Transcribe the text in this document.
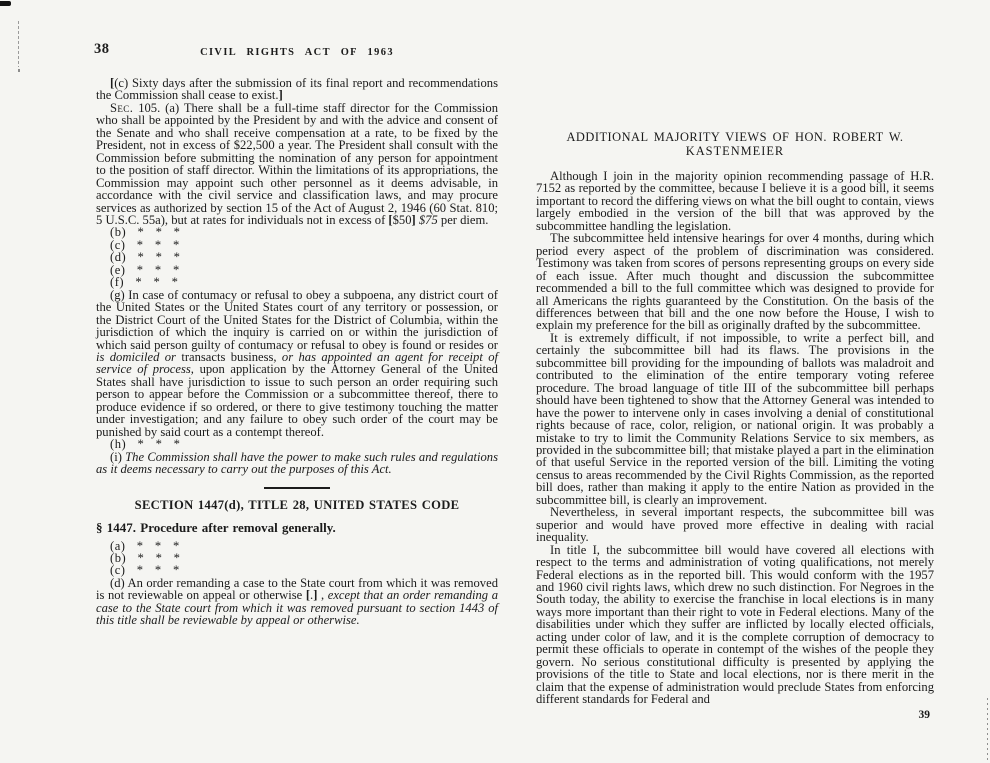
38	CIVIL RIGHTS ACT OF 1963

[(c) Sixty days after the submission of its final report and recommendations the Commission shall cease to exist.]

Sec. 105. (a) There shall be a full-time staff director for the Commission who shall be appointed by the President by and with the advice and consent of the Senate and who shall receive compensation at a rate, to be fixed by the President, not in excess of $22,500 a year. The President shall consult with the Commission before submitting the nomination of any person for appointment to the position of staff director. Within the limitations of its appropriations, the Commission may appoint such other personnel as it deems advisable, in accordance with the civil service and classification laws, and may procure services as authorized by section 15 of the Act of August 2, 1946 (60 Stat. 810; 5 U.S.C. 55a), but at rates for individuals not in excess of [$50] $75 per diem.

(b)  *  *  *
(c)  *  *  *
(d)  *  *  *
(e)  *  *  *
(f)  *  *  *

(g) In case of contumacy or refusal to obey a subpoena, any district court of the United States or the United States court of any territory or possession, or the District Court of the United States for the District of Columbia, within the jurisdiction of which the inquiry is carried on or within the jurisdiction of which said person guilty of contumacy or refusal to obey is found or resides or is domiciled or transacts business, or has appointed an agent for receipt of service of process, upon application by the Attorney General of the United States shall have jurisdiction to issue to such person an order requiring such person to appear before the Commission or a subcommittee thereof, there to produce evidence if so ordered, or there to give testimony touching the matter under investigation; and any failure to obey such order of the court may be punished by said court as a contempt thereof.

(h)  *  *  *

(i) The Commission shall have the power to make such rules and regulations as it deems necessary to carry out the purposes of this Act.

SECTION 1447(d), TITLE 28, UNITED STATES CODE
§ 1447. Procedure after removal generally.
(a)  *  *  *
(b)  *  *  *
(c)  *  *  *

(d) An order remanding a case to the State court from which it was removed is not reviewable on appeal or otherwise [.] , except that an order remanding a case to the State court from which it was removed pursuant to section 1443 of this title shall be reviewable by appeal or otherwise.

ADDITIONAL MAJORITY VIEWS OF HON. ROBERT W.
KASTENMEIER

Although I join in the majority opinion recommending passage of H.R. 7152 as reported by the committee, because I believe it is a good bill, it seems important to record the differing views on what the bill ought to contain, views largely embodied in the version of the bill that was approved by the subcommittee handling the legislation.

The subcommittee held intensive hearings for over 4 months, during which period every aspect of the problem of discrimination was considered. Testimony was taken from scores of persons representing groups on every side of each issue. After much thought and discussion the subcommittee recommended a bill to the full committee which was designed to provide for all Americans the rights guaranteed by the Constitution. On the basis of the differences between that bill and the one now before the House, I wish to explain my preference for the bill as originally drafted by the subcommittee.

It is extremely difficult, if not impossible, to write a perfect bill, and certainly the subcommittee bill had its flaws. The provisions in the subcommittee bill providing for the impounding of ballots was maladroit and contributed to the elimination of the entire temporary voting referee procedure. The broad language of title III of the subcommittee bill perhaps should have been tightened to show that the Attorney General was intended to have the power to intervene only in cases involving a denial of constitutional rights because of race, color, religion, or national origin. It was probably a mistake to try to limit the Community Relations Service to six members, as provided in the subcommittee bill; that mistake played a part in the elimination of that useful Service in the reported version of the bill. Limiting the voting census to areas recommended by the Civil Rights Commission, as the reported bill does, rather than making it apply to the entire Nation as provided in the subcommittee bill, is clearly an improvement.

Nevertheless, in several important respects, the subcommittee bill was superior and would have proved more effective in dealing with racial inequality.

In title I, the subcommittee bill would have covered all elections with respect to the terms and administration of voting qualifications, not merely Federal elections as in the reported bill. This would conform with the 1957 and 1960 civil rights laws, which drew no such distinction. For Negroes in the South today, the ability to exercise the franchise in local elections is in many ways more important than their right to vote in Federal elections. Many of the disabilities under which they suffer are inflicted by locally elected officials, acting under color of law, and it is the complete corruption of democracy to permit these officials to operate in contempt of the wishes of the people they govern. No serious constitutional difficulty is presented by applying the provisions of the title to State and local elections, nor is there merit in the claim that the expense of administration would preclude States from enforcing different standards for Federal and

39
